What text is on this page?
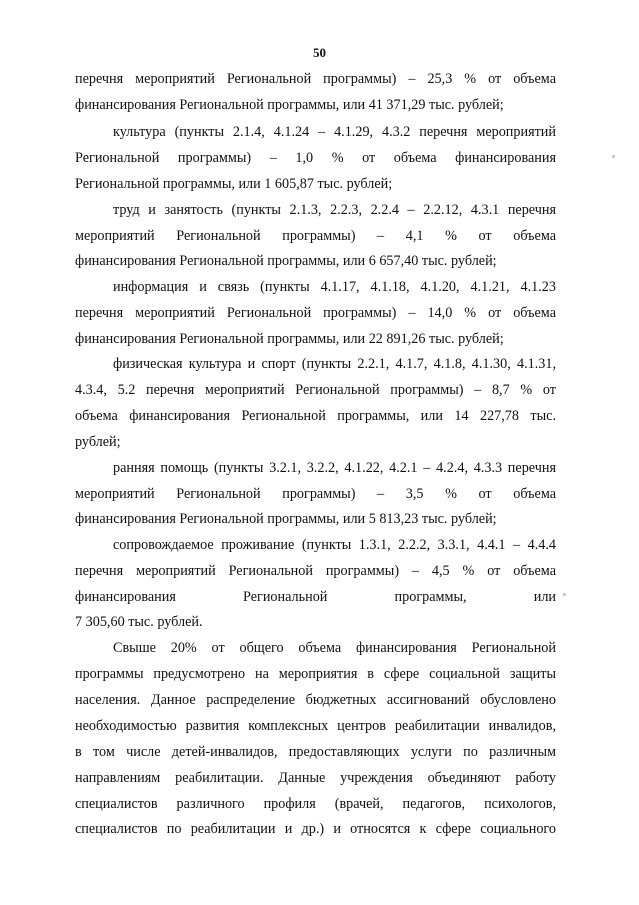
50
перечня мероприятий Региональной программы) – 25,3 % от объема
финансирования Региональной программы, или 41 371,29 тыс. рублей;
культура (пункты 2.1.4, 4.1.24 – 4.1.29, 4.3.2 перечня мероприятий
Региональной программы) – 1,0 % от объема финансирования
Региональной программы, или 1 605,87 тыс. рублей;
труд и занятость (пункты 2.1.3, 2.2.3, 2.2.4 – 2.2.12, 4.3.1 перечня
мероприятий Региональной программы) – 4,1 % от объема
финансирования Региональной программы, или 6 657,40 тыс. рублей;
информация и связь (пункты 4.1.17, 4.1.18, 4.1.20, 4.1.21, 4.1.23
перечня мероприятий Региональной программы) – 14,0 % от объема
финансирования Региональной программы, или 22 891,26 тыс. рублей;
физическая культура и спорт (пункты 2.2.1, 4.1.7, 4.1.8, 4.1.30, 4.1.31,
4.3.4, 5.2 перечня мероприятий Региональной программы) – 8,7 % от
объема финансирования Региональной программы, или 14 227,78 тыс.
рублей;
ранняя помощь (пункты 3.2.1, 3.2.2, 4.1.22, 4.2.1 – 4.2.4, 4.3.3 перечня
мероприятий Региональной программы) – 3,5 % от объема
финансирования Региональной программы, или 5 813,23 тыс. рублей;
сопровождаемое проживание (пункты 1.3.1, 2.2.2, 3.3.1, 4.4.1 – 4.4.4
перечня мероприятий Региональной программы) – 4,5 % от объема
финансирования Региональной программы, или
7 305,60 тыс. рублей.
Свыше 20% от общего объема финансирования Региональной
программы предусмотрено на мероприятия в сфере социальной защиты
населения. Данное распределение бюджетных ассигнований обусловлено
необходимостью развития комплексных центров реабилитации инвалидов,
в том числе детей-инвалидов, предоставляющих услуги по различным
направлениям реабилитации. Данные учреждения объединяют работу
специалистов различного профиля (врачей, педагогов, психологов,
специалистов по реабилитации и др.) и относятся к сфере социального
